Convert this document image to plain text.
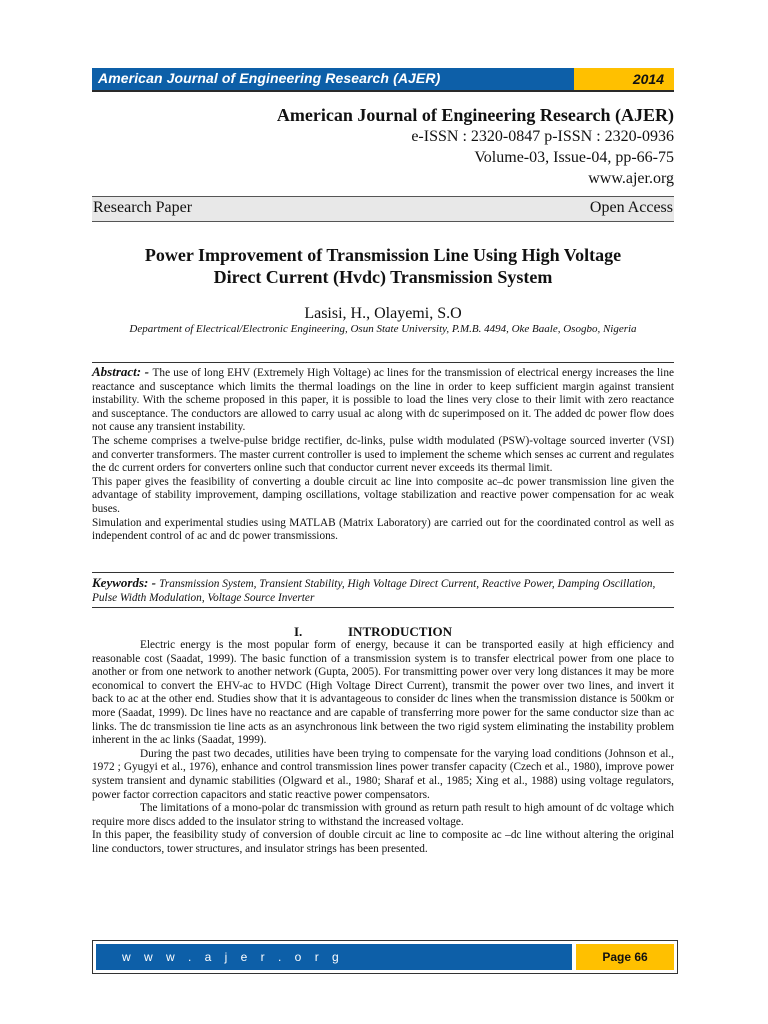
American Journal of Engineering Research (AJER)	2014
American Journal of Engineering Research (AJER)
e-ISSN : 2320-0847 p-ISSN : 2320-0936
Volume-03, Issue-04, pp-66-75
www.ajer.org
Research Paper	Open Access
Power Improvement of Transmission Line Using High Voltage
Direct Current (Hvdc) Transmission System
Lasisi, H., Olayemi, S.O
Department of Electrical/Electronic Engineering, Osun State University, P.M.B. 4494, Oke Baale, Osogbo, Nigeria

Abstract: - The use of long EHV (Extremely High Voltage) ac lines for the transmission of electrical energy increases the line reactance and susceptance which limits the thermal loadings on the line in order to keep sufficient margin against transient instability. With the scheme proposed in this paper, it is possible to load the lines very close to their limit with zero reactance and susceptance. The conductors are allowed to carry usual ac along with dc superimposed on it. The added dc power flow does not cause any transient instability.

The scheme comprises a twelve-pulse bridge rectifier, dc-links, pulse width modulated (PSW)-voltage sourced inverter (VSI) and converter transformers. The master current controller is used to implement the scheme which senses ac current and regulates the dc current orders for converters online such that conductor current never exceeds its thermal limit.

This paper gives the feasibility of converting a double circuit ac line into composite ac–dc power transmission line given the advantage of stability improvement, damping oscillations, voltage stabilization and reactive power compensation for ac weak buses.

Simulation and experimental studies using MATLAB (Matrix Laboratory) are carried out for the coordinated control as well as independent control of ac and dc power transmissions.

Keywords: - Transmission System, Transient Stability, High Voltage Direct Current, Reactive Power, Damping Oscillation, Pulse Width Modulation, Voltage Source Inverter
I.	INTRODUCTION

Electric energy is the most popular form of energy, because it can be transported easily at high efficiency and reasonable cost (Saadat, 1999). The basic function of a transmission system is to transfer electrical power from one place to another or from one network to another network (Gupta, 2005). For transmitting power over very long distances it may be more economical to convert the EHV-ac to HVDC (High Voltage Direct Current), transmit the power over two lines, and invert it back to ac at the other end. Studies show that it is advantageous to consider dc lines when the transmission distance is 500km or more (Saadat, 1999). Dc lines have no reactance and are capable of transferring more power for the same conductor size than ac links. The dc transmission tie line acts as an asynchronous link between the two rigid system eliminating the instability problem inherent in the ac links (Saadat, 1999).

During the past two decades, utilities have been trying to compensate for the varying load conditions (Johnson et al., 1972 ; Gyugyi et al., 1976), enhance and control transmission lines power transfer capacity (Czech et al., 1980), improve power system transient and dynamic stabilities (Olgward et al., 1980; Sharaf et al., 1985; Xing et al., 1988) using voltage regulators, power factor correction capacitors and static reactive power compensators.

The limitations of a mono-polar dc transmission with ground as return path result to high amount of dc voltage which require more discs added to the insulator string to withstand the increased voltage.

In this paper, the feasibility study of conversion of double circuit ac line to composite ac –dc line without altering the original line conductors, tower structures, and insulator strings has been presented.

w w w . a j e r . o r g	Page 66
